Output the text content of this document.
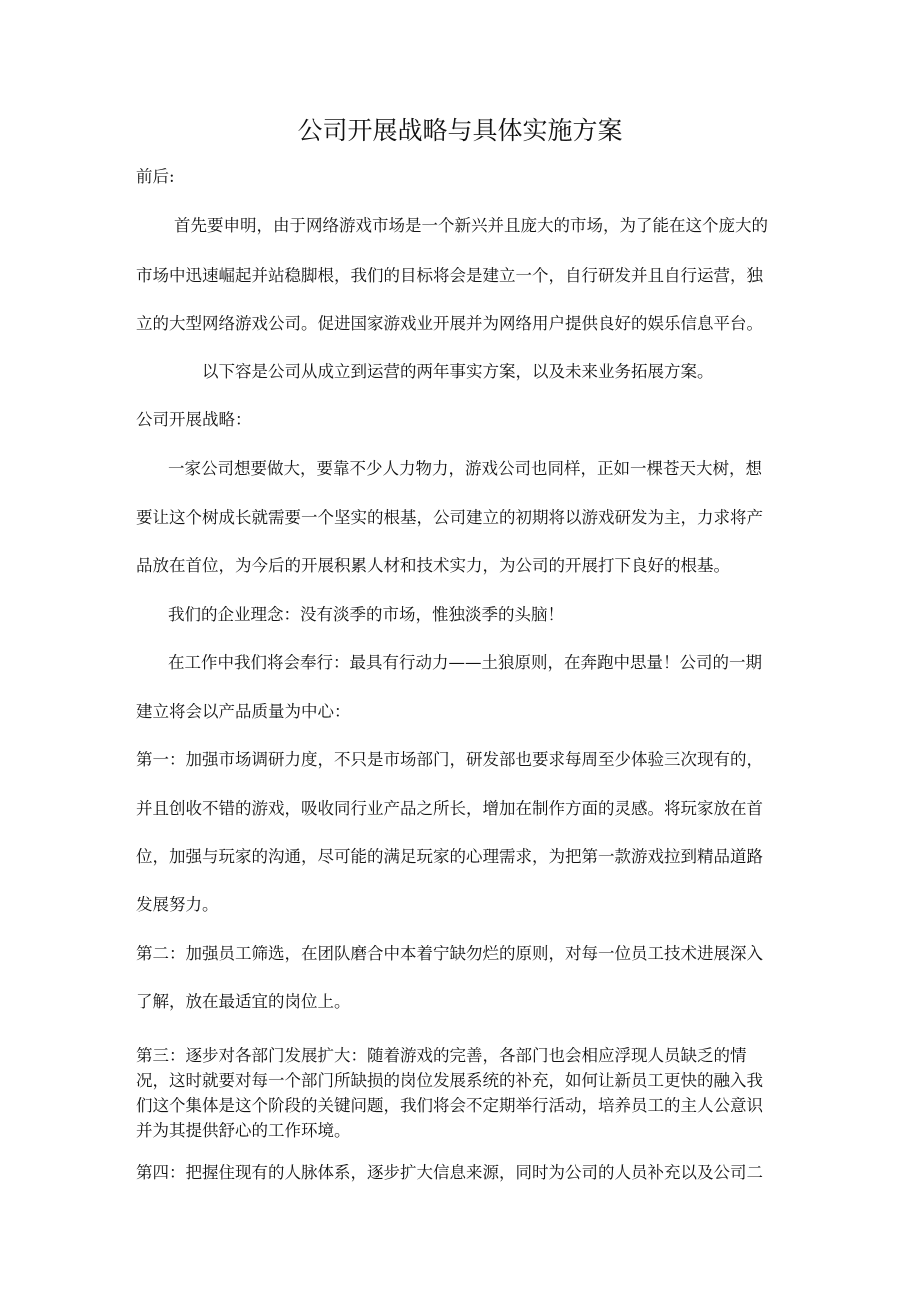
公司开展战略与具体实施方案

前后:

首先要申明，由于网络游戏市场是一个新兴并且庞大的市场，为了能在这个庞大的

市场中迅速崛起并站稳脚根，我们的目标将会是建立一个，自行研发并且自行运营，独

立的大型网络游戏公司。促进国家游戏业开展并为网络用户提供良好的娱乐信息平台。

以下容是公司从成立到运营的两年事实方案，以及未来业务拓展方案。

公司开展战略：

一家公司想要做大，要靠不少人力物力，游戏公司也同样，正如一棵苍天大树，想

要让这个树成长就需要一个坚实的根基，公司建立的初期将以游戏研发为主，力求将产

品放在首位，为今后的开展积累人材和技术实力，为公司的开展打下良好的根基。

我们的企业理念：没有淡季的市场，惟独淡季的头脑！

在工作中我们将会奉行：最具有行动力——土狼原则，在奔跑中思量！公司的一期

建立将会以产品质量为中心：

第一：加强市场调研力度，不只是市场部门，研发部也要求每周至少体验三次现有的，

并且创收不错的游戏，吸收同行业产品之所长，增加在制作方面的灵感。将玩家放在首

位，加强与玩家的沟通，尽可能的满足玩家的心理需求，为把第一款游戏拉到精品道路

发展努力。

第二：加强员工筛选，在团队磨合中本着宁缺勿烂的原则，对每一位员工技术进展深入

了解，放在最适宜的岗位上。

第三：逐步对各部门发展扩大：随着游戏的完善，各部门也会相应浮现人员缺乏的情

况，这时就要对每一个部门所缺损的岗位发展系统的补充，如何让新员工更快的融入我

们这个集体是这个阶段的关键问题，我们将会不定期举行活动，培养员工的主人公意识

并为其提供舒心的工作环境。

第四：把握住现有的人脉体系，逐步扩大信息来源，同时为公司的人员补充以及公司二
